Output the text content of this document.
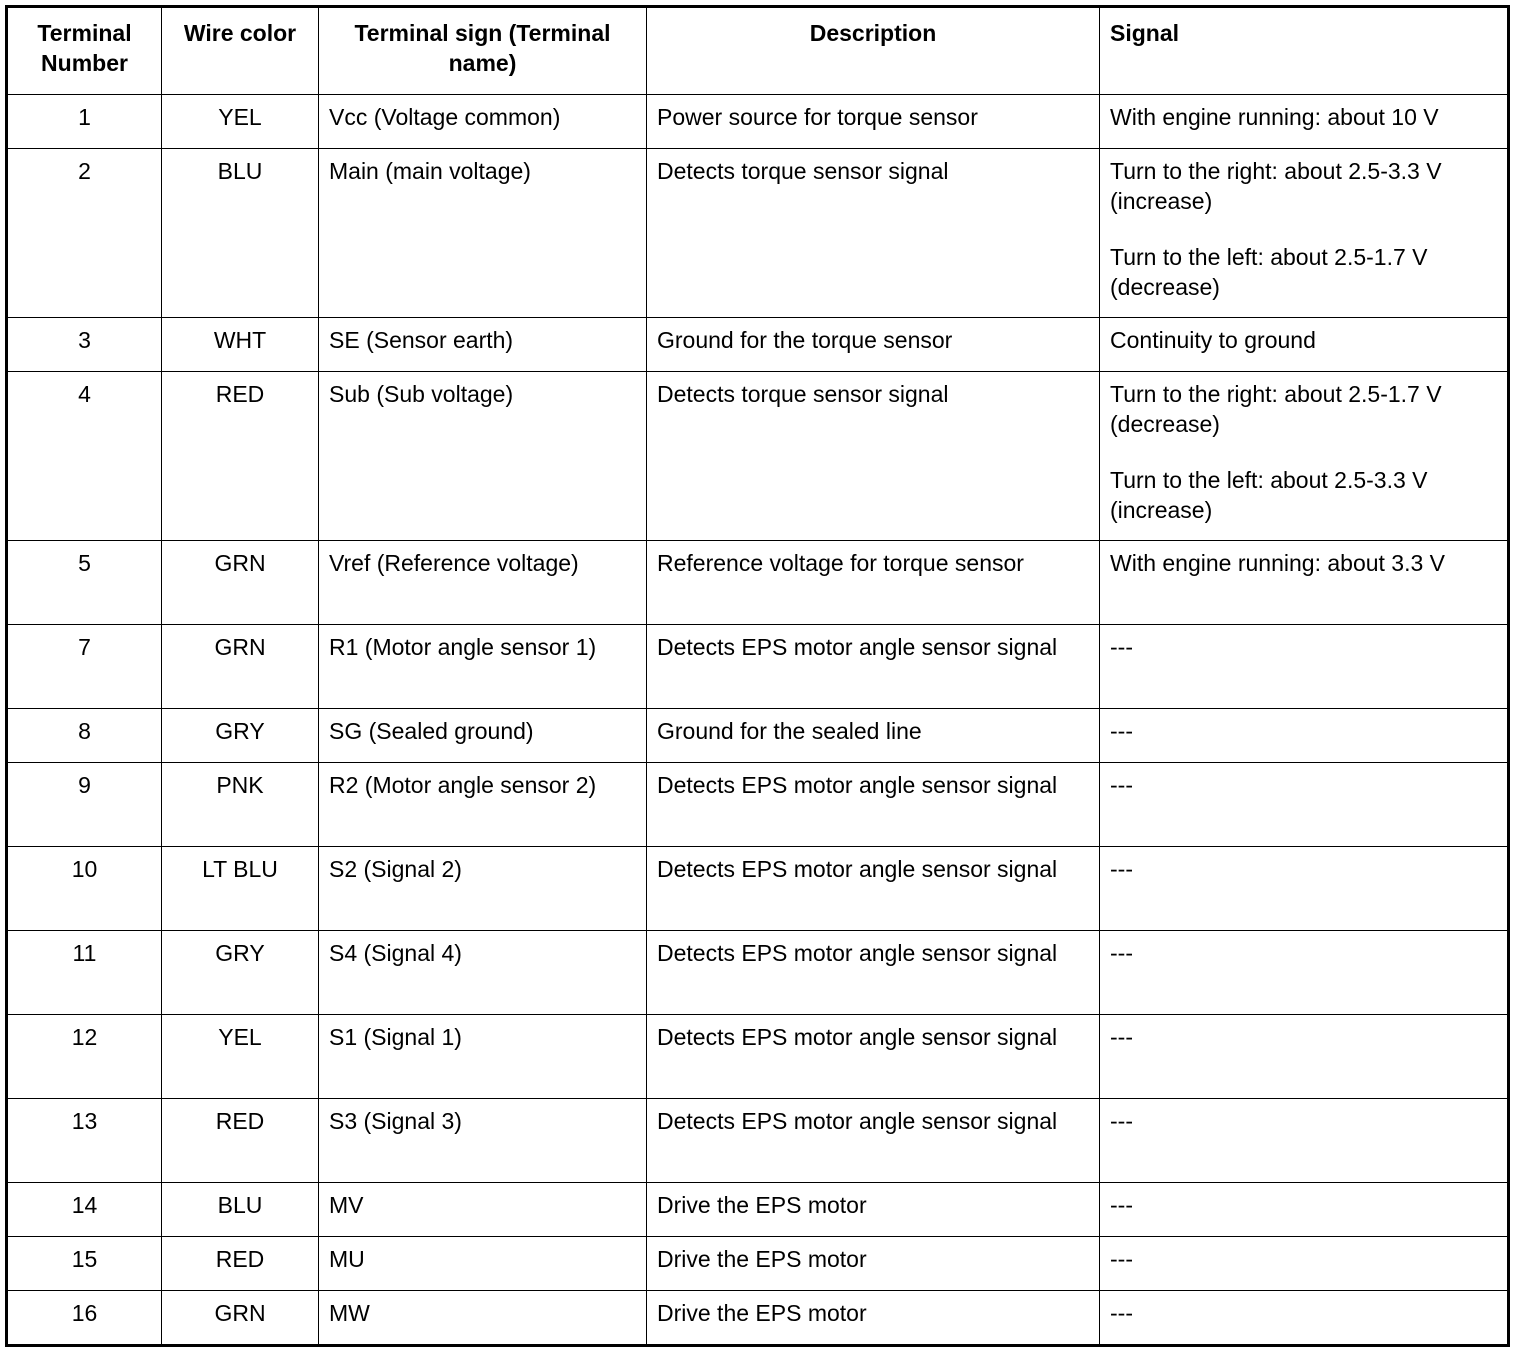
Terminal
Number	Wire color	Terminal sign (Terminal name)	Description	Signal
1	YEL	Vcc (Voltage common)	Power source for torque sensor	With engine running: about 10 V

2	BLU	Main (main voltage)	Detects torque sensor signal	Turn to the right: about 2.5-3.3 V (increase)
Turn to the left: about 2.5-1.7 V (decrease)

3	WHT	SE (Sensor earth)	Ground for the torque sensor	Continuity to ground

4	RED	Sub (Sub voltage)	Detects torque sensor signal	Turn to the right: about 2.5-1.7 V (decrease)
Turn to the left: about 2.5-3.3 V (increase)

5	GRN	Vref (Reference voltage)	Reference voltage for torque sensor	With engine running: about 3.3 V

7	GRN	R1 (Motor angle sensor 1)	Detects EPS motor angle sensor signal	---

8	GRY	SG (Sealed ground)	Ground for the sealed line	---

9	PNK	R2 (Motor angle sensor 2)	Detects EPS motor angle sensor signal	---

10	LT BLU	S2 (Signal 2)	Detects EPS motor angle sensor signal	---

11	GRY	S4 (Signal 4)	Detects EPS motor angle sensor signal	---

12	YEL	S1 (Signal 1)	Detects EPS motor angle sensor signal	---

13	RED	S3 (Signal 3)	Detects EPS motor angle sensor signal	---

14	BLU	MV	Drive the EPS motor	---

15	RED	MU	Drive the EPS motor	---

16	GRN	MW	Drive the EPS motor	---
